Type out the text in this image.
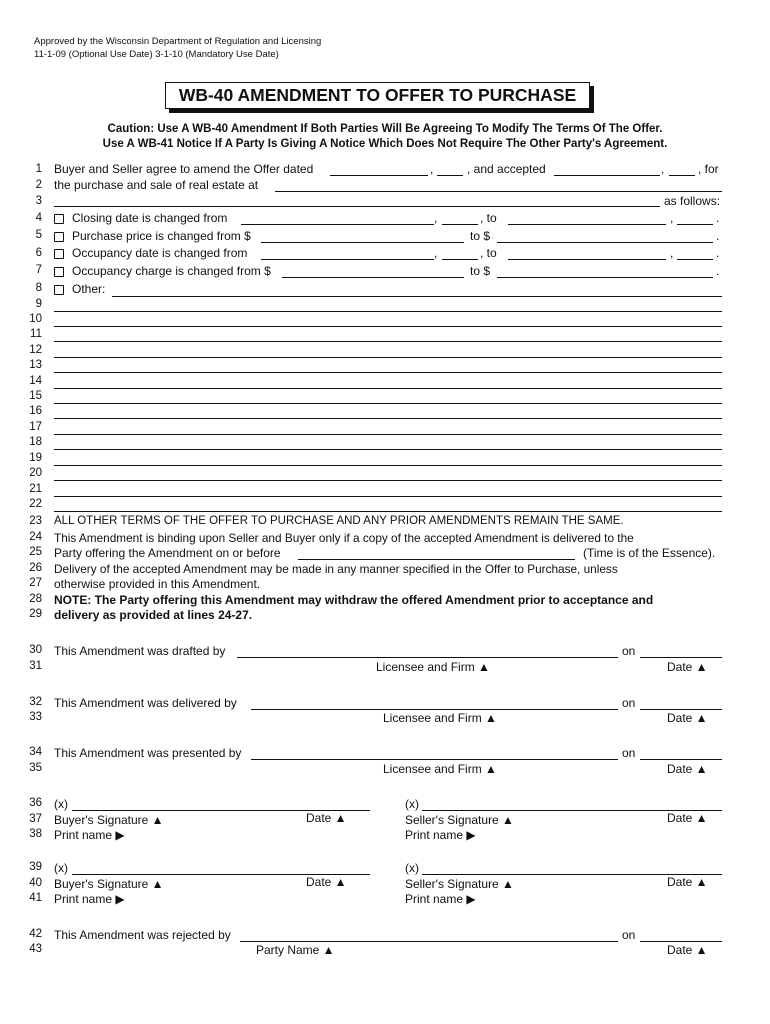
Approved by the Wisconsin Department of Regulation and Licensing
11-1-09 (Optional Use Date) 3-1-10 (Mandatory Use Date)
WB-40 AMENDMENT TO OFFER TO PURCHASE
Caution: Use A WB-40 Amendment If Both Parties Will Be Agreeing To Modify The Terms Of The Offer.
Use A WB-41 Notice If A Party Is Giving A Notice Which Does Not Require The Other Party's Agreement.
1
2
3
4
5
6
7
8
9
10
11
12
13
14
15
16
17
18
19
20
21
22
23
24
25
26
27
28
29
30
31
32
33
34
35
36
37
38
39
40
41
42
43
Buyer and Seller agree to amend the Offer dated	,	, and accepted	,	, for
the purchase and sale of real estate at
as follows:
Closing date is changed from	,	, to	,	.
Purchase price is changed from $	to $	.
Occupancy date is changed from	,	, to	,	.
Occupancy charge is changed from $	to $	.
Other:
ALL OTHER TERMS OF THE OFFER TO PURCHASE AND ANY PRIOR AMENDMENTS REMAIN THE SAME.
This Amendment is binding upon Seller and Buyer only if a copy of the accepted Amendment is delivered to the
Party offering the Amendment on or before	(Time is of the Essence).
Delivery of the accepted Amendment may be made in any manner specified in the Offer to Purchase, unless
otherwise provided in this Amendment.
NOTE: The Party offering this Amendment may withdraw the offered Amendment prior to acceptance and
delivery as provided at lines 24-27.
This Amendment was drafted by	on
Licensee and Firm ▲	Date ▲
This Amendment was delivered by	on
Licensee and Firm ▲	Date ▲
This Amendment was presented by	on
Licensee and Firm ▲	Date ▲
(x)
Buyer's Signature ▲	Date ▲
Print name ▶
(x)
Seller's Signature ▲	Date ▲
Print name ▶
(x)
Buyer's Signature ▲	Date ▲
Print name ▶
(x)
Seller's Signature ▲	Date ▲
Print name ▶
This Amendment was rejected by	on
Party Name ▲	Date ▲
